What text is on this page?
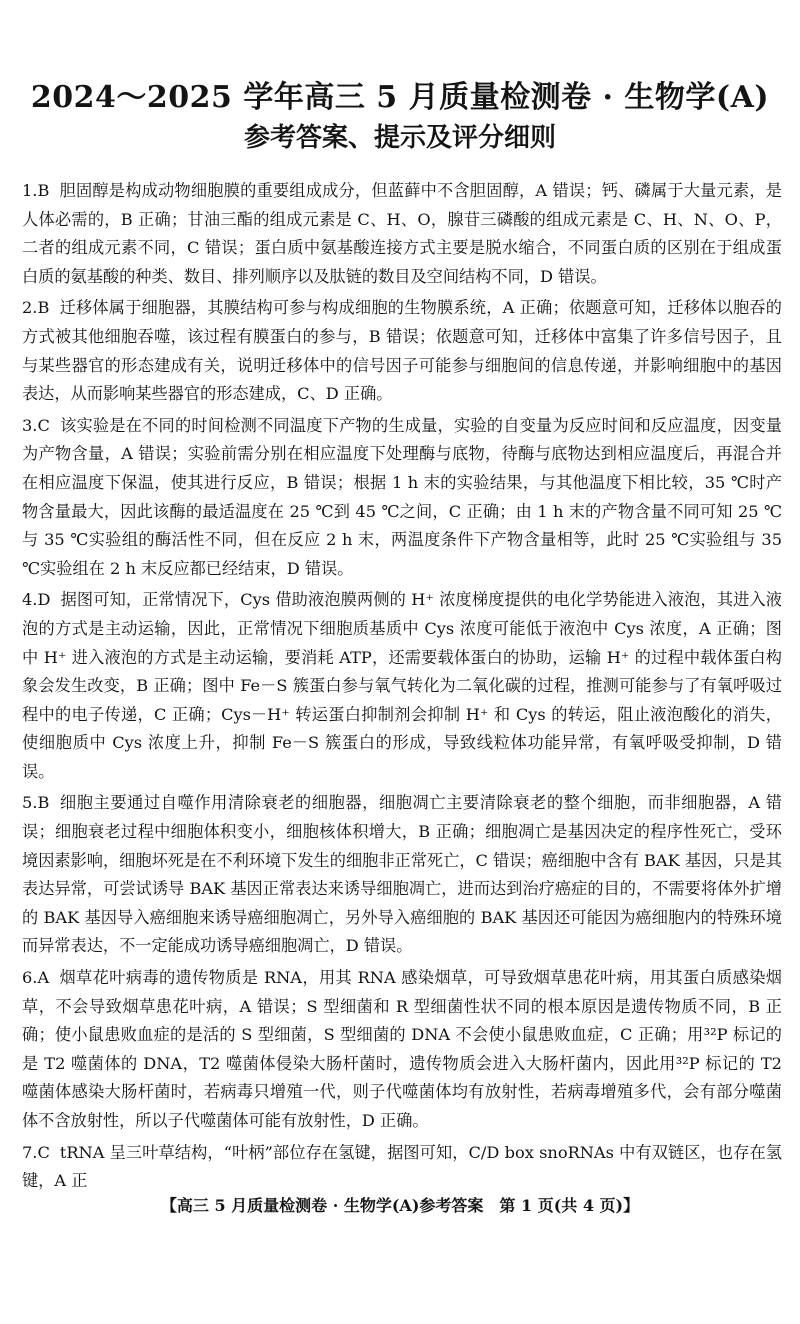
2024～2025 学年高三 5 月质量检测卷 · 生物学(A)
参考答案、提示及评分细则

1.B 胆固醇是构成动物细胞膜的重要组成成分，但蓝藓中不含胆固醇，A 错误；钙、磷属于大量元素，是人体必需的，B 正确；甘油三酯的组成元素是 C、H、O，腺苷三磷酸的组成元素是 C、H、N、O、P，二者的组成元素不同，C 错误；蛋白质中氨基酸连接方式主要是脱水缩合，不同蛋白质的区别在于组成蛋白质的氨基酸的种类、数目、排列顺序以及肽链的数目及空间结构不同，D 错误。

2.B 迁移体属于细胞器，其膜结构可参与构成细胞的生物膜系统，A 正确；依题意可知，迁移体以胞吞的方式被其他细胞吞噬，该过程有膜蛋白的参与，B 错误；依题意可知，迁移体中富集了许多信号因子，且与某些器官的形态建成有关，说明迁移体中的信号因子可能参与细胞间的信息传递，并影响细胞中的基因表达，从而影响某些器官的形态建成，C、D 正确。

3.C 该实验是在不同的时间检测不同温度下产物的生成量，实验的自变量为反应时间和反应温度，因变量为产物含量，A 错误；实验前需分别在相应温度下处理酶与底物，待酶与底物达到相应温度后，再混合并在相应温度下保温，使其进行反应，B 错误；根据 1 h 末的实验结果，与其他温度下相比较，35 ℃时产物含量最大，因此该酶的最适温度在 25 ℃到 45 ℃之间，C 正确；由 1 h 末的产物含量不同可知 25 ℃与 35 ℃实验组的酶活性不同，但在反应 2 h 末，两温度条件下产物含量相等，此时 25 ℃实验组与 35 ℃实验组在 2 h 末反应都已经结束，D 错误。

4.D 据图可知，正常情况下，Cys 借助液泡膜两侧的 H⁺ 浓度梯度提供的电化学势能进入液泡，其进入液泡的方式是主动运输，因此，正常情况下细胞质基质中 Cys 浓度可能低于液泡中 Cys 浓度，A 正确；图中 H⁺ 进入液泡的方式是主动运输，要消耗 ATP，还需要载体蛋白的协助，运输 H⁺ 的过程中载体蛋白构象会发生改变，B 正确；图中 Fe－S 簇蛋白参与氧气转化为二氧化碳的过程，推测可能参与了有氧呼吸过程中的电子传递，C 正确；Cys－H⁺ 转运蛋白抑制剂会抑制 H⁺ 和 Cys 的转运，阻止液泡酸化的消失，使细胞质中 Cys 浓度上升，抑制 Fe－S 簇蛋白的形成，导致线粒体功能异常，有氧呼吸受抑制，D 错误。

5.B 细胞主要通过自噬作用清除衰老的细胞器，细胞凋亡主要清除衰老的整个细胞，而非细胞器，A 错误；细胞衰老过程中细胞体积变小，细胞核体积增大，B 正确；细胞凋亡是基因决定的程序性死亡，受环境因素影响，细胞坏死是在不利环境下发生的细胞非正常死亡，C 错误；癌细胞中含有 BAK 基因，只是其表达异常，可尝试诱导 BAK 基因正常表达来诱导细胞凋亡，进而达到治疗癌症的目的，不需要将体外扩增的 BAK 基因导入癌细胞来诱导癌细胞凋亡，另外导入癌细胞的 BAK 基因还可能因为癌细胞内的特殊环境而异常表达，不一定能成功诱导癌细胞凋亡，D 错误。

6.A 烟草花叶病毒的遗传物质是 RNA，用其 RNA 感染烟草，可导致烟草患花叶病，用其蛋白质感染烟草，不会导致烟草患花叶病，A 错误；S 型细菌和 R 型细菌性状不同的根本原因是遗传物质不同，B 正确；使小鼠患败血症的是活的 S 型细菌，S 型细菌的 DNA 不会使小鼠患败血症，C 正确；用³²P 标记的是 T2 噬菌体的 DNA，T2 噬菌体侵染大肠杆菌时，遗传物质会进入大肠杆菌内，因此用³²P 标记的 T2 噬菌体感染大肠杆菌时，若病毒只增殖一代，则子代噬菌体均有放射性，若病毒增殖多代，会有部分噬菌体不含放射性，所以子代噬菌体可能有放射性，D 正确。

7.C tRNA 呈三叶草结构，“叶柄”部位存在氢键，据图可知，C/D box snoRNAs 中有双链区，也存在氢键，A 正

【高三 5 月质量检测卷 · 生物学(A)参考答案　第 1 页(共 4 页)】
